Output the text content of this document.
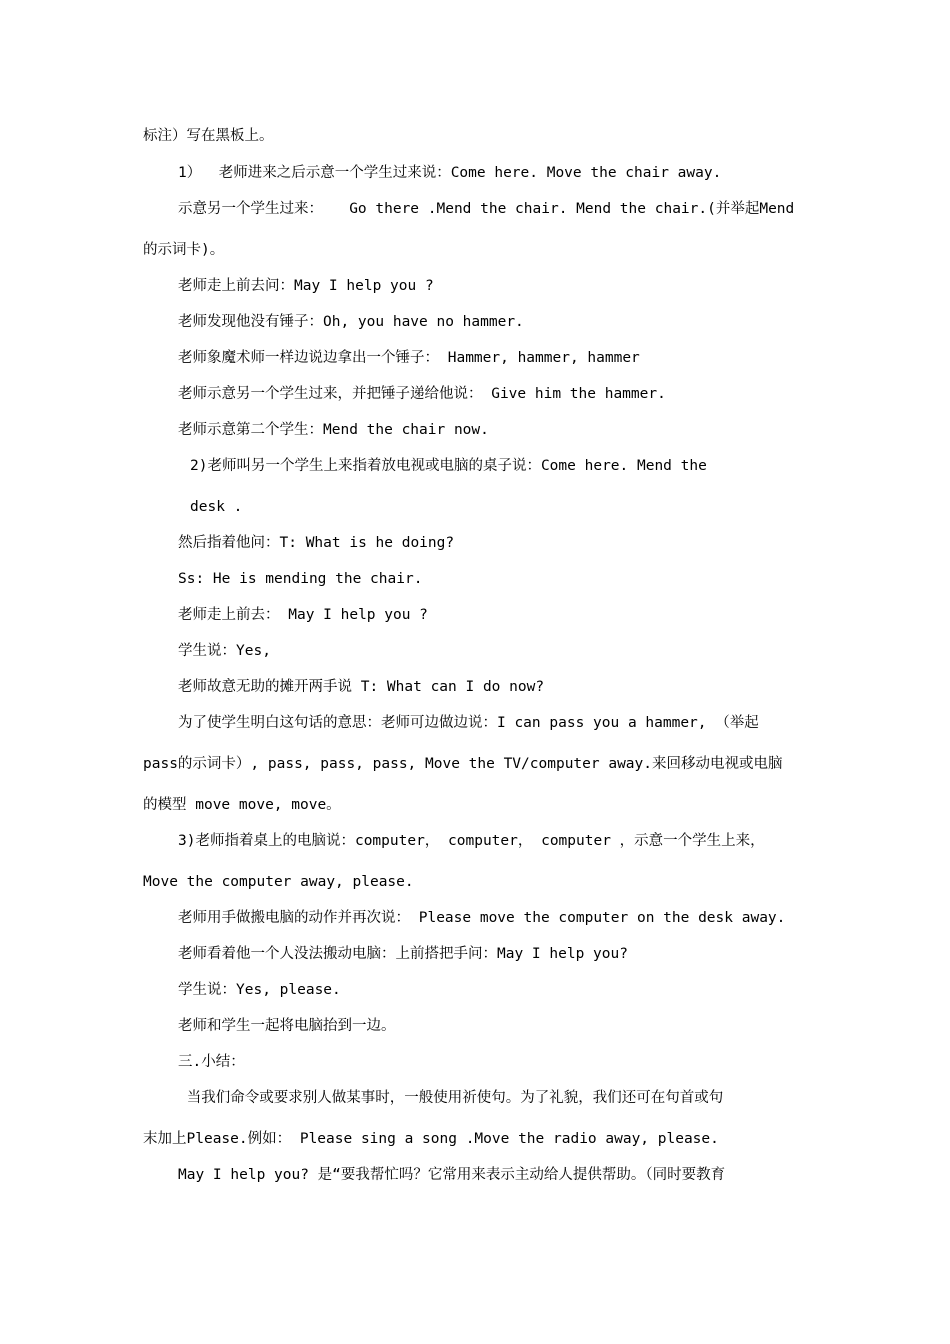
标注）写在黑板上。
1）  老师进来之后示意一个学生过来说：Come here. Move the chair away.
示意另一个学生过来：   Go there .Mend the chair. Mend the chair.(并举起Mend
的示词卡)。
老师走上前去问：May I help you ?
老师发现他没有锤子：Oh, you have no hammer.
老师象魔术师一样边说边拿出一个锤子： Hammer, hammer, hammer
老师示意另一个学生过来，并把锤子递给他说： Give him the hammer.
老师示意第二个学生：Mend the chair now.
2)老师叫另一个学生上来指着放电视或电脑的桌子说：Come here. Mend the
desk .
然后指着他问：T: What is he doing?
Ss: He is mending the chair.
老师走上前去： May I help you ?
学生说：Yes,
老师故意无助的摊开两手说 T: What can I do now?
为了使学生明白这句话的意思：老师可边做边说：I can pass you a hammer, （举起
pass的示词卡）, pass, pass, pass, Move the TV/computer away.来回移动电视或电脑
的模型 move move, move。
3)老师指着桌上的电脑说：computer， computer， computer ，示意一个学生上来，
Move the computer away, please.
老师用手做搬电脑的动作并再次说： Please move the computer on the desk away.
老师看着他一个人没法搬动电脑：上前搭把手问：May I help you?
学生说：Yes, please.
老师和学生一起将电脑抬到一边。
三.小结：
当我们命令或要求别人做某事时，一般使用祈使句。为了礼貌，我们还可在句首或句
末加上Please.例如： Please sing a song .Move the radio away, please.
May I help you? 是“要我帮忙吗？它常用来表示主动给人提供帮助。（同时要教育
